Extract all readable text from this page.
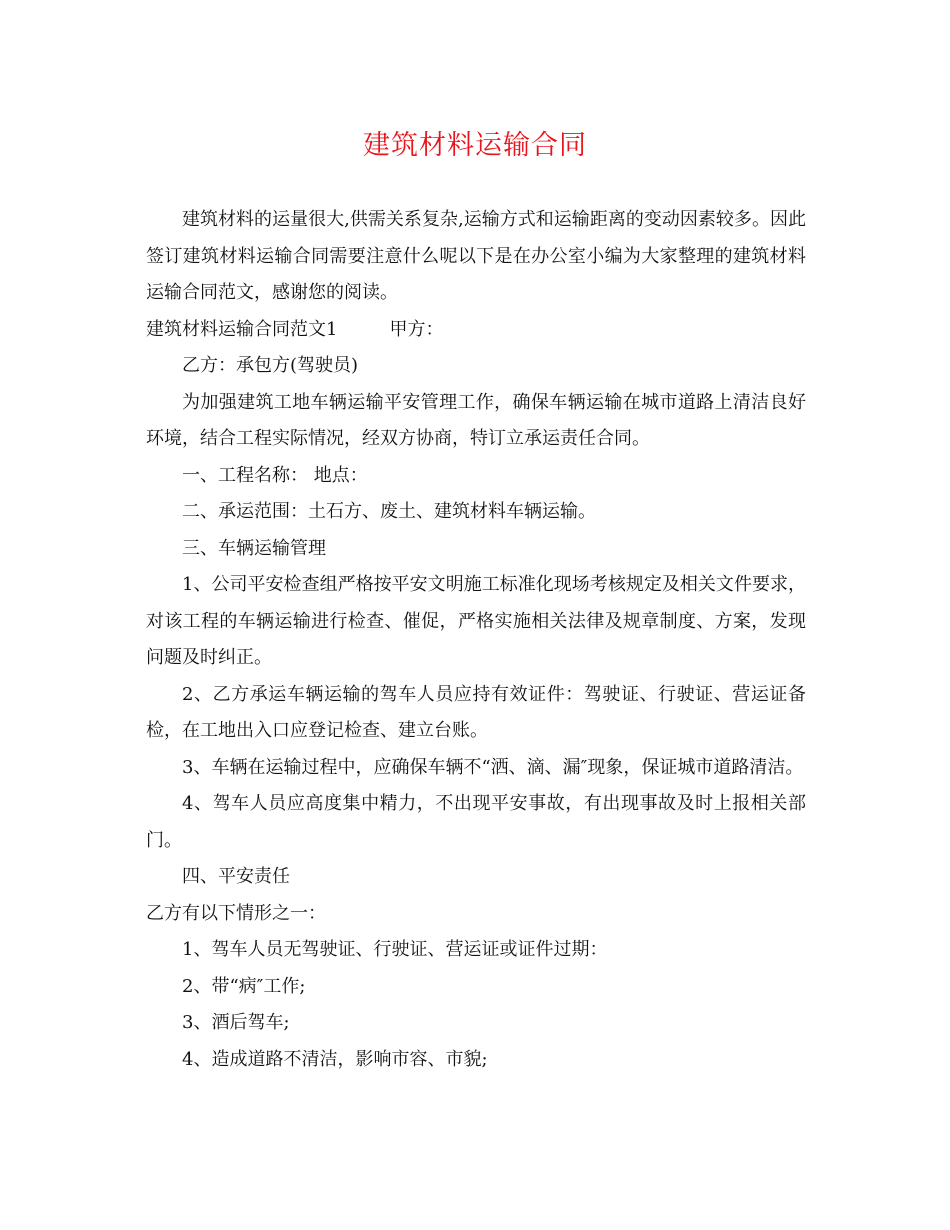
建筑材料运输合同

建筑材料的运量很大,供需关系复杂,运输方式和运输距离的变动因素较多。因此签订建筑材料运输合同需要注意什么呢以下是在办公室小编为大家整理的建筑材料运输合同范文，感谢您的阅读。

建筑材料运输合同范文1	甲方：

乙方：承包方(驾驶员)

为加强建筑工地车辆运输平安管理工作，确保车辆运输在城市道路上清洁良好环境，结合工程实际情况，经双方协商，特订立承运责任合同。

一、工程名称： 地点：

二、承运范围：土石方、废土、建筑材料车辆运输。

三、车辆运输管理

1、公司平安检查组严格按平安文明施工标准化现场考核规定及相关文件要求，对该工程的车辆运输进行检查、催促，严格实施相关法律及规章制度、方案，发现问题及时纠正。

2、乙方承运车辆运输的驾车人员应持有效证件：驾驶证、行驶证、营运证备检，在工地出入口应登记检查、建立台账。

3、车辆在运输过程中，应确保车辆不“洒、滴、漏″现象，保证城市道路清洁。

4、驾车人员应高度集中精力，不出现平安事故，有出现事故及时上报相关部门。

四、平安责任

乙方有以下情形之一：

1、驾车人员无驾驶证、行驶证、营运证或证件过期：

2、带“病″工作;

3、酒后驾车;

4、造成道路不清洁，影响市容、市貌;
